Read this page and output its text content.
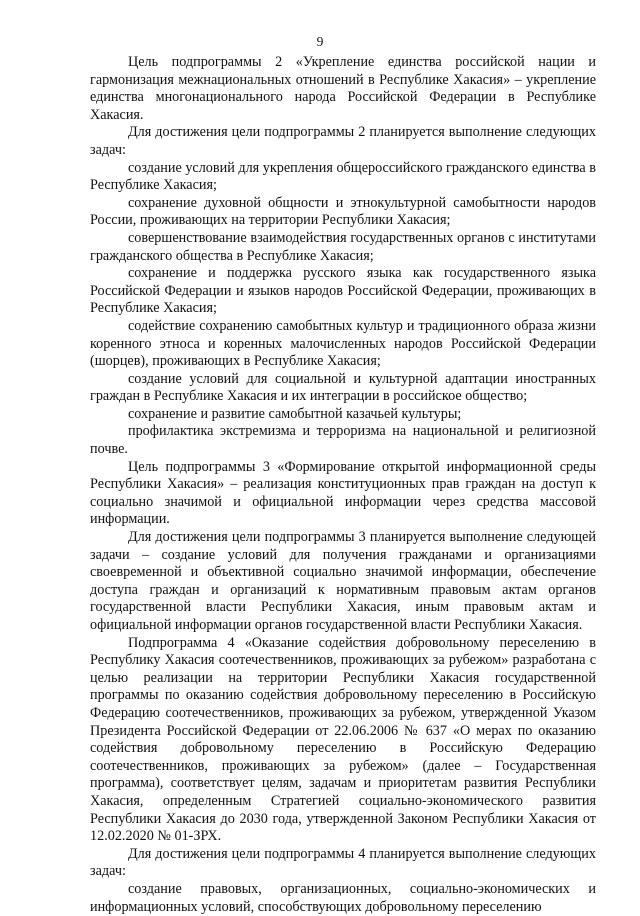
9

Цель подпрограммы 2 «Укрепление единства российской нации и гармонизация межнациональных отношений в Республике Хакасия» – укрепление единства многонационального народа Российской Федерации в Республике Хакасия.

Для достижения цели подпрограммы 2 планируется выполнение следующих задач:

создание условий для укрепления общероссийского гражданского единства в Республике Хакасия;

сохранение духовной общности и этнокультурной самобытности народов России, проживающих на территории Республики Хакасия;

совершенствование взаимодействия государственных органов с институтами гражданского общества в Республике Хакасия;

сохранение и поддержка русского языка как государственного языка Российской Федерации и языков народов Российской Федерации, проживающих в Республике Хакасия;

содействие сохранению самобытных культур и традиционного образа жизни коренного этноса и коренных малочисленных народов Российской Федерации (шорцев), проживающих в Республике Хакасия;

создание условий для социальной и культурной адаптации иностранных граждан в Республике Хакасия и их интеграции в российское общество;

сохранение и развитие самобытной казачьей культуры;

профилактика экстремизма и терроризма на национальной и религиозной почве.

Цель подпрограммы 3 «Формирование открытой информационной среды Республики Хакасия» – реализация конституционных прав граждан на доступ к социально значимой и официальной информации через средства массовой информации.

Для достижения цели подпрограммы 3 планируется выполнение следующей задачи – создание условий для получения гражданами и организациями своевременной и объективной социально значимой информации, обеспечение доступа граждан и организаций к нормативным правовым актам органов государственной власти Республики Хакасия, иным правовым актам и официальной информации органов государственной власти Республики Хакасия.

Подпрограмма 4 «Оказание содействия добровольному переселению в Республику Хакасия соотечественников, проживающих за рубежом» разработана с целью реализации на территории Республики Хакасия государственной программы по оказанию содействия добровольному переселению в Российскую Федерацию соотечественников, проживающих за рубежом, утвержденной Указом Президента Российской Федерации от 22.06.2006 № 637 «О мерах по оказанию содействия добровольному переселению в Российскую Федерацию соотечественников, проживающих за рубежом» (далее – Государственная программа), соответствует целям, задачам и приоритетам развития Республики Хакасия, определенным Стратегией социально-экономического развития Республики Хакасия до 2030 года, утвержденной Законом Республики Хакасия от 12.02.2020 № 01-ЗРХ.

Для достижения цели подпрограммы 4 планируется выполнение следующих задач:

создание правовых, организационных, социально-экономических и информационных условий, способствующих добровольному переселению
